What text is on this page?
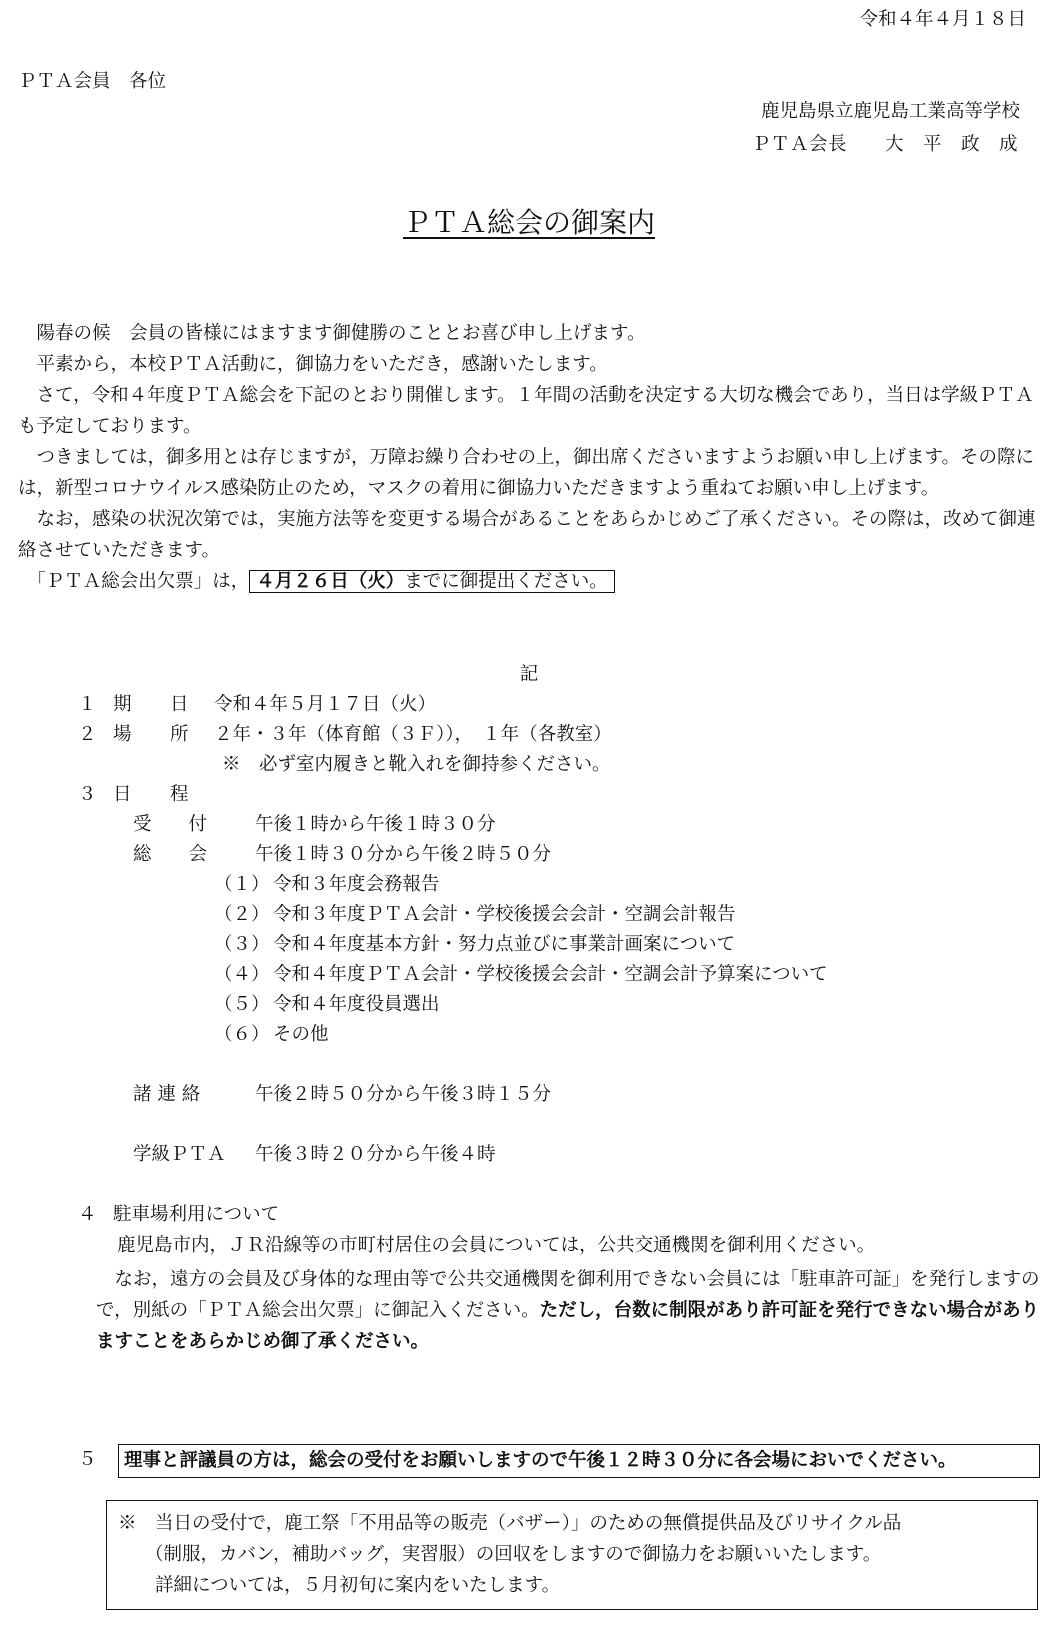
令和４年４月１８日
ＰＴＡ会員　各位
鹿児島県立鹿児島工業高等学校
ＰＴＡ会長　　大　平　政　成
ＰＴＡ総会の御案内

　陽春の候　会員の皆様にはますます御健勝のこととお喜び申し上げます。

　平素から，本校ＰＴＡ活動に，御協力をいただき，感謝いたします。

　さて，令和４年度ＰＴＡ総会を下記のとおり開催します。１年間の活動を決定する大切な機会であり，当日は学級ＰＴＡも予定しております。

　つきましては，御多用とは存じますが，万障お繰り合わせの上，御出席くださいますようお願い申し上げます。その際には，新型コロナウイルス感染防止のため，マスクの着用に御協力いただきますよう重ねてお願い申し上げます。

　なお，感染の状況次第では，実施方法等を変更する場合があることをあらかじめご了承ください。その際は，改めて御連絡させていただきます。

　「ＰＴＡ総会出欠票」は， ４月２６日（火）までに御提出ください。

記
１ 期　日 令和４年５月１７日（火）
２ 場　所 ２年・３年（体育館（３Ｆ）），　１年（各教室）
※　必ず室内履きと靴入れを御持参ください。
３ 日　程
受　　付	午後１時から午後１時３０分
総　　会	午後１時３０分から午後２時５０分
（１） 令和３年度会務報告
（２） 令和３年度ＰＴＡ会計・学校後援会会計・空調会計報告
（３） 令和４年度基本方針・努力点並びに事業計画案について
（４） 令和４年度ＰＴＡ会計・学校後援会会計・空調会計予算案について
（５） 令和４年度役員選出
（６） その他
諸 連 絡	午後２時５０分から午後３時１５分
学級ＰＴＡ 午後３時２０分から午後４時
４ 駐車場利用について
鹿児島市内，ＪＲ沿線等の市町村居住の会員については，公共交通機関を御利用ください。
　なお，遠方の会員及び身体的な理由等で公共交通機関を御利用できない会員には「駐車許可証」を発行しますので，別紙の「ＰＴＡ総会出欠票」に御記入ください。ただし，台数に制限があり許可証を発行できない場合がありますことをあらかじめ御了承ください。
５ 理事と評議員の方は，総会の受付をお願いしますので午後１２時３０分に各会場においでください。
※　当日の受付で，鹿工祭「不用品等の販売（バザー）」のための無償提供品及びリサイクル品
（制服，カバン，補助バッグ，実習服）の回収をしますので御協力をお願いいたします。
詳細については，５月初旬に案内をいたします。
